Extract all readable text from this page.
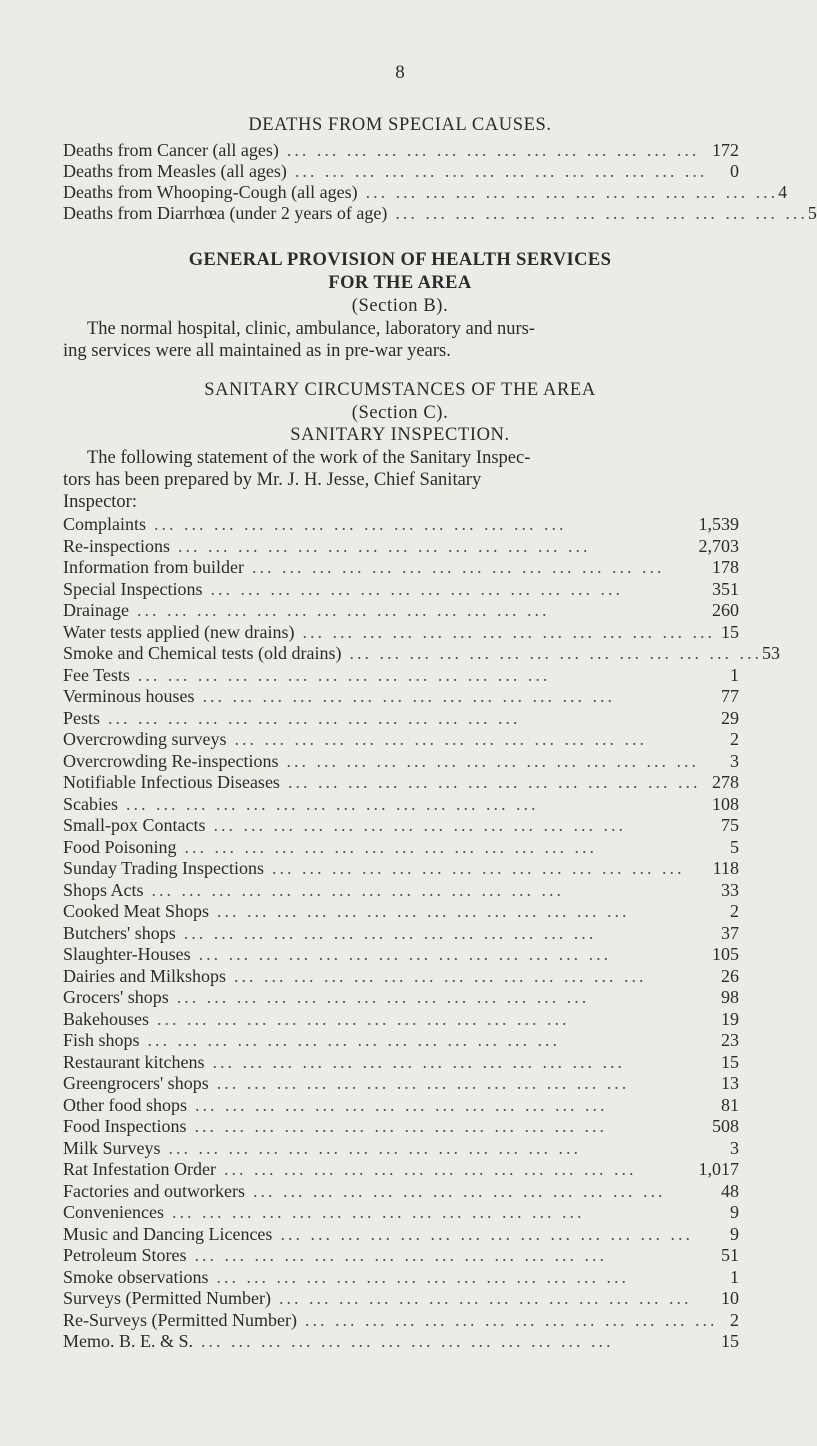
8
DEATHS FROM SPECIAL CAUSES.
Deaths from Cancer (all ages) ... ... ... ... ... ... ... ... ... ... ... ... ... ... 172
Deaths from Measles (all ages) ... ... ... ... ... ... ... ... ... ... ... ... ... ...	0
Deaths from Whooping-Cough (all ages) ... ... ... ... ... ... ... ... ... ... ... ... ... ... 4
Deaths from Diarrhœa (under 2 years of age) ... ... ... ... ... ... ... ... ... ... ... ... ... ... 5
GENERAL PROVISION OF HEALTH SERVICES
FOR THE AREA
(Section B).
The normal hospital, clinic, ambulance, laboratory and nurs-
ing services were all maintained as in pre-war years.
SANITARY CIRCUMSTANCES OF THE AREA
(Section C).
SANITARY INSPECTION.
The following statement of the work of the Sanitary Inspec-
tors has been prepared by Mr. J. H. Jesse, Chief Sanitary
Inspector:
Complaints ... ... ... ... ... ... ... ... ... ... ... ... ... ...	1,539
Re-inspections ... ... ... ... ... ... ... ... ... ... ... ... ... ...	2,703
Information from builder ... ... ... ... ... ... ... ... ... ... ... ... ... ...	178
Special Inspections ... ... ... ... ... ... ... ... ... ... ... ... ... ...	351
Drainage ... ... ... ... ... ... ... ... ... ... ... ... ... ...	260
Water tests applied (new drains) ... ... ... ... ... ... ... ... ... ... ... ... ... ... 15
Smoke and Chemical tests (old drains) ... ... ... ... ... ... ... ... ... ... ... ... ... ... 53
Fee Tests ... ... ... ... ... ... ... ... ... ... ... ... ... ...	1
Verminous houses ... ... ... ... ... ... ... ... ... ... ... ... ... ...	77
Pests ... ... ... ... ... ... ... ... ... ... ... ... ... ...	29
Overcrowding surveys ... ... ... ... ... ... ... ... ... ... ... ... ... ...	2
Overcrowding Re-inspections ... ... ... ... ... ... ... ... ... ... ... ... ... ...	3
Notifiable Infectious Diseases ... ... ... ... ... ... ... ... ... ... ... ... ... ... 278
Scabies ... ... ... ... ... ... ... ... ... ... ... ... ... ...	108
Small-pox Contacts ... ... ... ... ... ... ... ... ... ... ... ... ... ...	75
Food Poisoning ... ... ... ... ... ... ... ... ... ... ... ... ... ...	5
Sunday Trading Inspections ... ... ... ... ... ... ... ... ... ... ... ... ... ...	118
Shops Acts ... ... ... ... ... ... ... ... ... ... ... ... ... ...	33
Cooked Meat Shops ... ... ... ... ... ... ... ... ... ... ... ... ... ...	2
Butchers' shops ... ... ... ... ... ... ... ... ... ... ... ... ... ...	37
Slaughter-Houses ... ... ... ... ... ... ... ... ... ... ... ... ... ...	105
Dairies and Milkshops ... ... ... ... ... ... ... ... ... ... ... ... ... ...	26
Grocers' shops ... ... ... ... ... ... ... ... ... ... ... ... ... ...	98
Bakehouses ... ... ... ... ... ... ... ... ... ... ... ... ... ...	19
Fish shops ... ... ... ... ... ... ... ... ... ... ... ... ... ...	23
Restaurant kitchens ... ... ... ... ... ... ... ... ... ... ... ... ... ...	15
Greengrocers' shops ... ... ... ... ... ... ... ... ... ... ... ... ... ...	13
Other food shops ... ... ... ... ... ... ... ... ... ... ... ... ... ...	81
Food Inspections ... ... ... ... ... ... ... ... ... ... ... ... ... ...	508
Milk Surveys ... ... ... ... ... ... ... ... ... ... ... ... ... ...	3
Rat Infestation Order ... ... ... ... ... ... ... ... ... ... ... ... ... ...	1,017
Factories and outworkers ... ... ... ... ... ... ... ... ... ... ... ... ... ...	48
Conveniences ... ... ... ... ... ... ... ... ... ... ... ... ... ...	9
Music and Dancing Licences ... ... ... ... ... ... ... ... ... ... ... ... ... ...	9
Petroleum Stores ... ... ... ... ... ... ... ... ... ... ... ... ... ...	51
Smoke observations ... ... ... ... ... ... ... ... ... ... ... ... ... ...	1
Surveys (Permitted Number) ... ... ... ... ... ... ... ... ... ... ... ... ... ...	10
Re-Surveys (Permitted Number) ... ... ... ... ... ... ... ... ... ... ... ... ... ... 2
Memo. B. E. & S. ... ... ... ... ... ... ... ... ... ... ... ... ... ...	15
